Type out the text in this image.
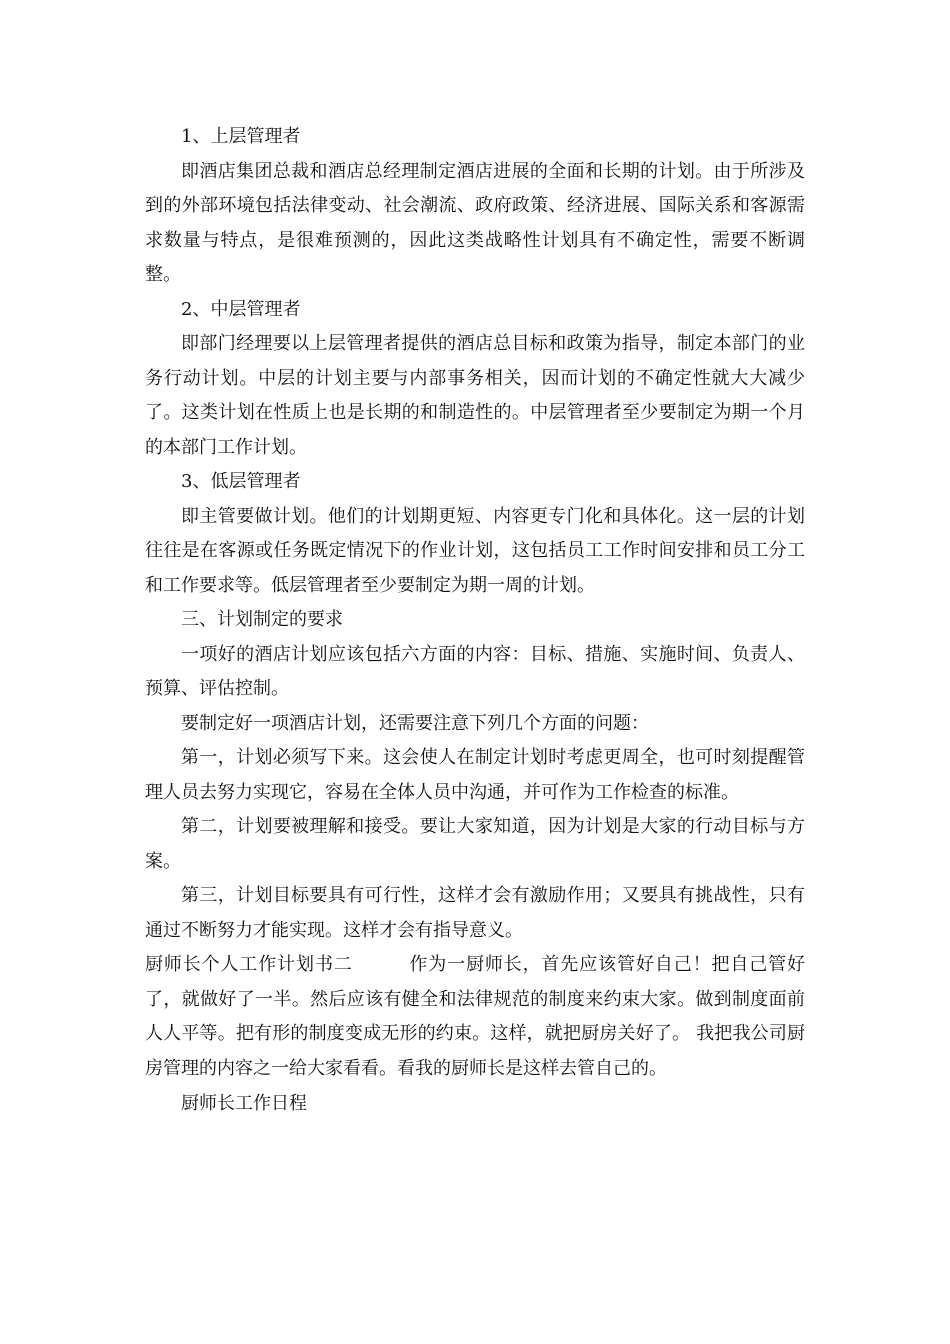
1、上层管理者

即酒店集团总裁和酒店总经理制定酒店进展的全面和长期的计划。由于所涉及到的外部环境包括法律变动、社会潮流、政府政策、经济进展、国际关系和客源需求数量与特点，是很难预测的，因此这类战略性计划具有不确定性，需要不断调整。

2、中层管理者

即部门经理要以上层管理者提供的酒店总目标和政策为指导，制定本部门的业务行动计划。中层的计划主要与内部事务相关，因而计划的不确定性就大大减少了。这类计划在性质上也是长期的和制造性的。中层管理者至少要制定为期一个月的本部门工作计划。

3、低层管理者

即主管要做计划。他们的计划期更短、内容更专门化和具体化。这一层的计划往往是在客源或任务既定情况下的作业计划，这包括员工工作时间安排和员工分工和工作要求等。低层管理者至少要制定为期一周的计划。

三、计划制定的要求

一项好的酒店计划应该包括六方面的内容：目标、措施、实施时间、负责人、预算、评估控制。

要制定好一项酒店计划，还需要注意下列几个方面的问题：

第一，计划必须写下来。这会使人在制定计划时考虑更周全，也可时刻提醒管理人员去努力实现它，容易在全体人员中沟通，并可作为工作检查的标准。

第二，计划要被理解和接受。要让大家知道，因为计划是大家的行动目标与方案。

第三，计划目标要具有可行性，这样才会有激励作用；又要具有挑战性，只有通过不断努力才能实现。这样才会有指导意义。

厨师长个人工作计划书二　　　作为一厨师长，首先应该管好自己！把自己管好了，就做好了一半。然后应该有健全和法律规范的制度来约束大家。做到制度面前人人平等。把有形的制度变成无形的约束。这样，就把厨房关好了。 我把我公司厨房管理的内容之一给大家看看。看我的厨师长是这样去管自己的。

厨师长工作日程
